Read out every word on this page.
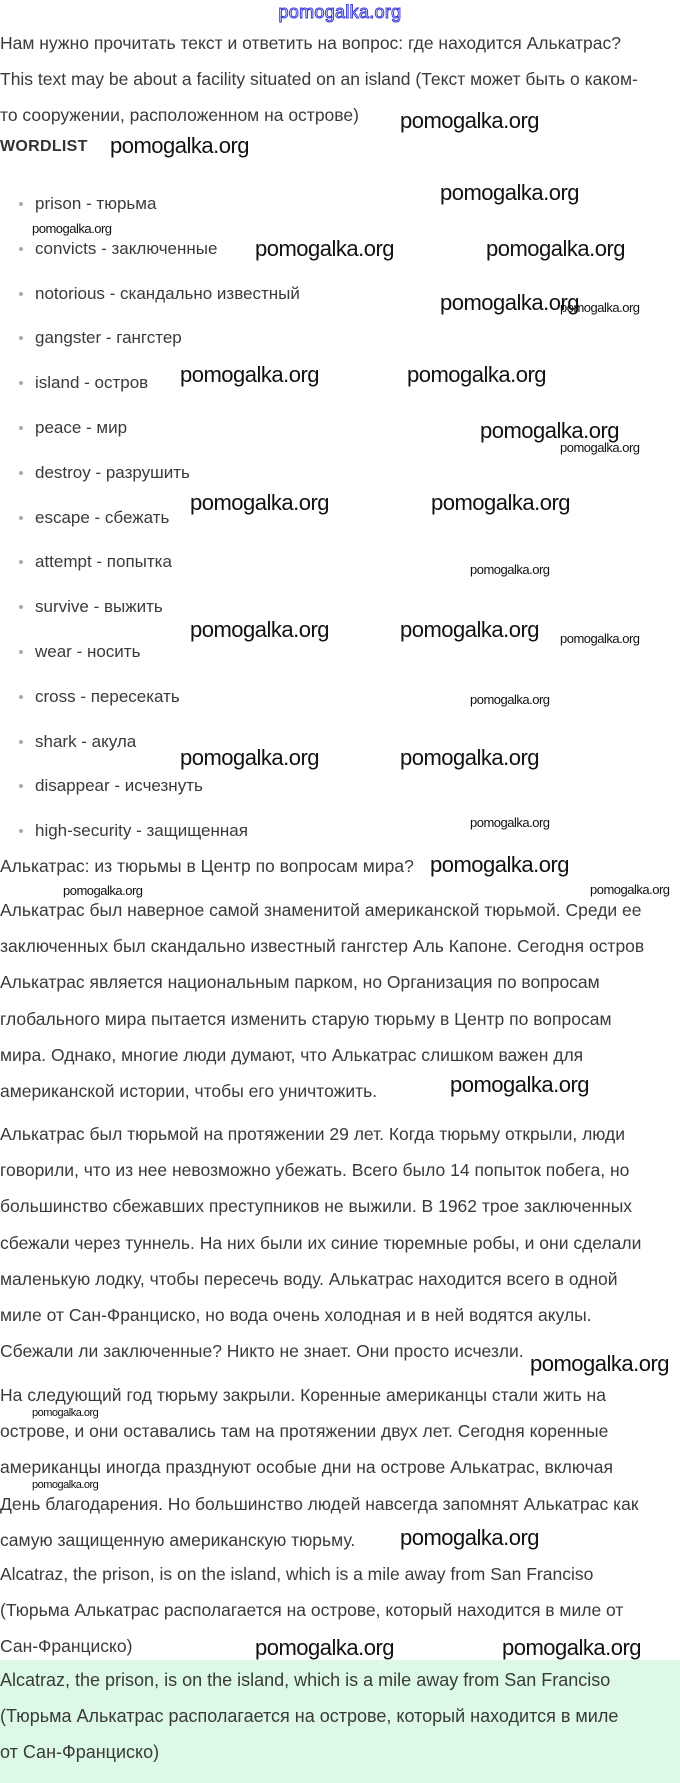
pomogalka.org
Нам нужно прочитать текст и ответить на вопрос: где находится Алькатрас?
This text may be about a facility situated on an island (Текст может быть о каком-
то сооружении, расположенном на острове)
WORDLIST
prison - тюрьма
convicts - заключенные
notorious - скандально известный
gangster - гангстер
island - остров
peace - мир
destroy - разрушить
escape - сбежать
attempt - попытка
survive - выжить
wear - носить
cross - пересекать
shark - акула
disappear - исчезнуть
high-security - защищенная
Алькатрас: из тюрьмы в Центр по вопросам мира?
Алькатрас был наверное самой знаменитой американской тюрьмой. Среди ее
заключенных был скандально известный гангстер Аль Капоне. Сегодня остров
Алькатрас является национальным парком, но Организация по вопросам
глобального мира пытается изменить старую тюрьму в Центр по вопросам
мира. Однако, многие люди думают, что Алькатрас слишком важен для
американской истории, чтобы его уничтожить.
Алькатрас был тюрьмой на протяжении 29 лет. Когда тюрьму открыли, люди
говорили, что из нее невозможно убежать. Всего было 14 попыток побега, но
большинство сбежавших преступников не выжили. В 1962 трое заключенных
сбежали через туннель. На них были их синие тюремные робы, и они сделали
маленькую лодку, чтобы пересечь воду. Алькатрас находится всего в одной
миле от Сан-Франциско, но вода очень холодная и в ней водятся акулы.
Сбежали ли заключенные? Никто не знает. Они просто исчезли.
На следующий год тюрьму закрыли. Коренные американцы стали жить на
острове, и они оставались там на протяжении двух лет. Сегодня коренные
американцы иногда празднуют особые дни на острове Алькатрас, включая
День благодарения. Но большинство людей навсегда запомнят Алькатрас как
самую защищенную американскую тюрьму.
Alcatraz, the prison, is on the island, which is a mile away from San Franciso
(Тюрьма Алькатрас располагается на острове, который находится в миле от
Сан-Франциско)
Alcatraz, the prison, is on the island, which is a mile away from San Franciso
(Тюрьма Алькатрас располагается на острове, который находится в миле
от Сан-Франциско)
pomogalka.org
pomogalka.org
pomogalka.org
pomogalka.org	pomogalka.org
pomogalka.org
pomogalka.org	pomogalka.org
pomogalka.org
pomogalka.org	pomogalka.org
pomogalka.org	pomogalka.org
pomogalka.org	pomogalka.org
pomogalka.org
pomogalka.org
pomogalka.org
pomogalka.org
pomogalka.org	pomogalka.org
pomogalka.org
pomogalka.org
pomogalka.org
pomogalka.org
pomogalka.org
pomogalka.org
pomogalka.org
pomogalka.org	pomogalka.org
pomogalka.org
pomogalka.org
